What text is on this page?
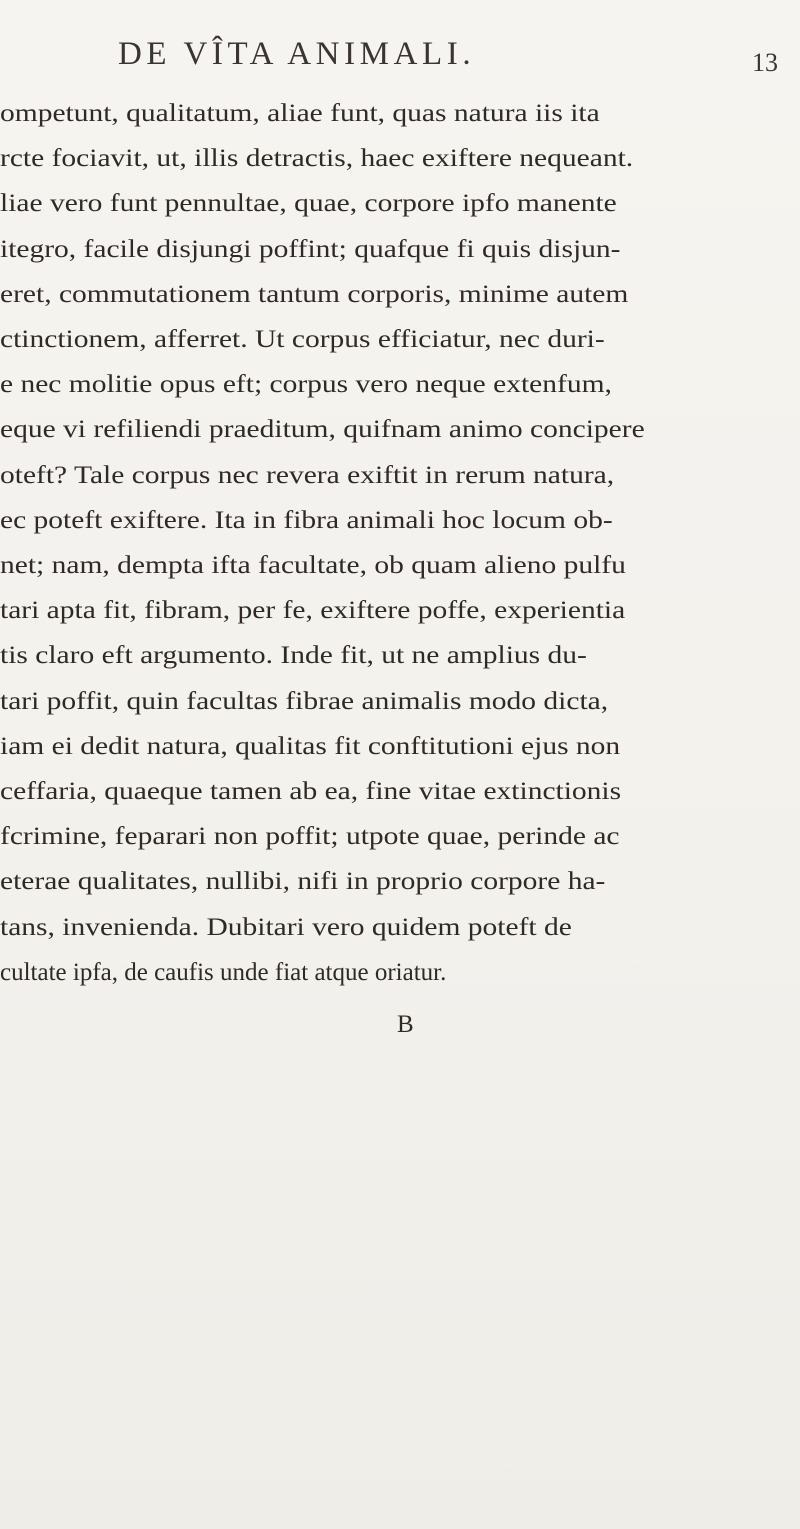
DE VÎTA ANIMALI.	13
ompetunt, qualitatum, aliae funt, quas natura iis ita
rcte fociavit, ut, illis detractis, haec exiftere nequeant.
liae vero funt pennultae, quae, corpore ipfo manente
itegro, facile disjungi poffint; quafque fi quis disjun-
eret, commutationem tantum corporis, minime autem
ctinctionem, afferret. Ut corpus efficiatur, nec duri-
e nec molitie opus eft; corpus vero neque extenfum,
eque vi refiliendi praeditum, quifnam animo concipere
oteft? Tale corpus nec revera exiftit in rerum natura,
ec poteft exiftere. Ita in fibra animali hoc locum ob-
net; nam, dempta ifta facultate, ob quam alieno pulfu
tari apta fit, fibram, per fe, exiftere poffe, experientia
tis claro eft argumento. Inde fit, ut ne amplius du-
tari poffit, quin facultas fibrae animalis modo dicta,
iam ei dedit natura, qualitas fit conftitutioni ejus non
ceffaria, quaeque tamen ab ea, fine vitae extinctionis
fcrimine, feparari non poffit; utpote quae, perinde ac
eterae qualitates, nullibi, nifi in proprio corpore ha-
tans, invenienda. Dubitari vero quidem poteft de
cultate ipfa, de caufis unde fiat atque oriatur.
B
